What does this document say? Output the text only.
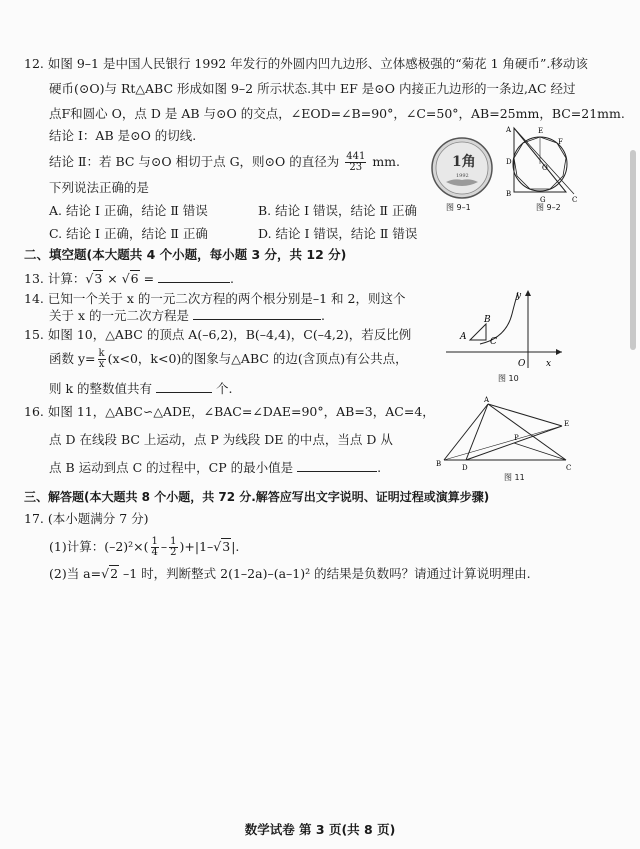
12. 如图 9–1 是中国人民银行 1992 年发行的外圆内凹九边形、立体感极强的“菊花 1 角硬币”.移动该
硬币(⊙O)与 Rt△ABC 形成如图 9–2 所示状态.其中 EF 是⊙O 内接正九边形的一条边,AC 经过
点F和圆心 O，点 D 是 AB 与⊙O 的交点，∠EOD=∠B=90°，∠C=50°，AB=25mm，BC=21mm.
结论 Ⅰ：AB 是⊙O 的切线.
结论 Ⅱ：若 BC 与⊙O 相切于点 G，则⊙O 的直径为 $\frac{441}{23}$ mm.
下列说法正确的是
A. 结论 Ⅰ 正确，结论 Ⅱ 错误	B. 结论 Ⅰ 错误，结论 Ⅱ 正确
C. 结论 Ⅰ 正确，结论 Ⅱ 正确	D. 结论 Ⅰ 错误，结论 Ⅱ 错误
1角
1992
图 9–1
A
B
C
D
E
F
G
O
图 9–2
二、填空题(本大题共 4 个小题，每小题 3 分，共 12 分)
13. 计算：√3 × √6 =	.
14. 已知一个关于 x 的一元二次方程的两个根分别是–1 和 2，则这个
关于 x 的一元二次方程是	.
15. 如图 10，△ABC 的顶点 A(–6,2)，B(–4,4)，C(–4,2)，若反比例
函数 $y= \frac{k}{x} (x<0$，k<0)的图象与△ABC 的边(含顶点)有公共点，
则 k 的整数值共有	个.
A
B
C
O x
y
图 10
16. 如图 11，△ABC∽△ADE，∠BAC=∠DAE=90°，AB=3，AC=4，
点 D 在线段 BC 上运动，点 P 为线段 DE 的中点，当点 D 从
点 B 运动到点 C 的过程中，CP 的最小值是	.
A
B	C
D
E
P
图 11
三、解答题(本大题共 8 个小题，共 72 分.解答应写出文字说明、证明过程或演算步骤)
17. (本小题满分 7 分)
(1)计算：$(-2)^2\times( \frac{1}{4} - \frac{1}{2} )+|1-√3|$.
(2)当 a=√2 –1 时，判断整式 2(1–2a)–(a–1)² 的结果是负数吗？请通过计算说明理由.
数学试卷 第 3 页(共 8 页)
